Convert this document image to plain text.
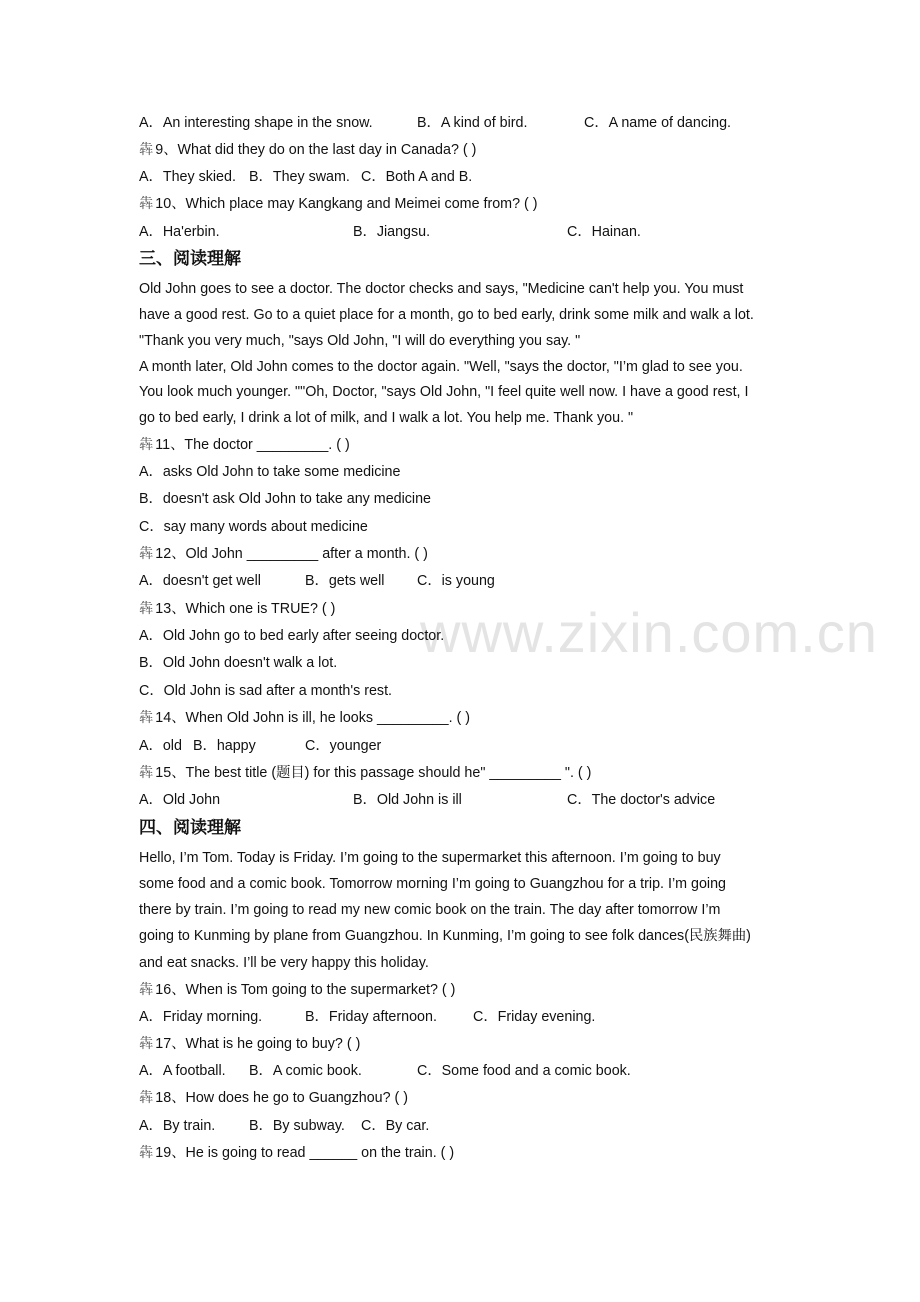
www.zixin.com.cn
A．An interesting shape in the snow.	B．A kind of bird.	C．A name of dancing.
犇 9、What did they do on the last day in Canada? ( )
A．They skied. B．They swam. C．Both A and B.
犇 10、Which place may Kangkang and Meimei come from? ( )
A．Ha'erbin.	B．Jiangsu.	C．Hainan.
三、阅读理解
Old John goes to see a doctor. The doctor checks and says, "Medicine can't help you. You must
have a good rest. Go to a quiet place for a month, go to bed early, drink some milk and walk a lot.
"Thank you very much, "says Old John, "I will do everything you say. "
A month later, Old John comes to the doctor again. "Well, "says the doctor, "I’m glad to see you.
You look much younger. ""Oh, Doctor, "says Old John, "I feel quite well now. I have a good rest, I
go to bed early, I drink a lot of milk, and I walk a lot. You help me. Thank you. "
犇 11、The doctor _________. ( )
A．asks Old John to take some medicine
B．doesn't ask Old John to take any medicine
C．say many words about medicine
犇 12、Old John _________ after a month. ( )
A．doesn't get well	B．gets well C．is young
犇 13、Which one is TRUE? ( )
A．Old John go to bed early after seeing doctor.
B．Old John doesn't walk a lot.
C．Old John is sad after a month's rest.
犇 14、When Old John is ill, he looks _________. ( )
A．old B．happy	C．younger
犇 15、The best title (题目) for this passage should he" _________ ". ( )
A．Old John	B．Old John is ill	C．The doctor's advice
四、阅读理解
Hello, I’m Tom. Today is Friday. I’m going to the supermarket this afternoon. I’m going to buy
some food and a comic book. Tomorrow morning I’m going to Guangzhou for a trip. I’m going
there by train. I’m going to read my new comic book on the train. The day after tomorrow I’m
going to Kunming by plane from Guangzhou. In Kunming, I’m going to see folk dances(民族舞曲)
and eat snacks. I’ll be very happy this holiday.
犇 16、When is Tom going to the supermarket? ( )
A．Friday morning.	B．Friday afternoon.	C．Friday evening.
犇 17、What is he going to buy? ( )
A．A football. B．A comic book.	C．Some food and a comic book.
犇 18、How does he go to Guangzhou? ( )
A．By train. B．By subway. C．By car.
犇 19、He is going to read ______ on the train. ( )
